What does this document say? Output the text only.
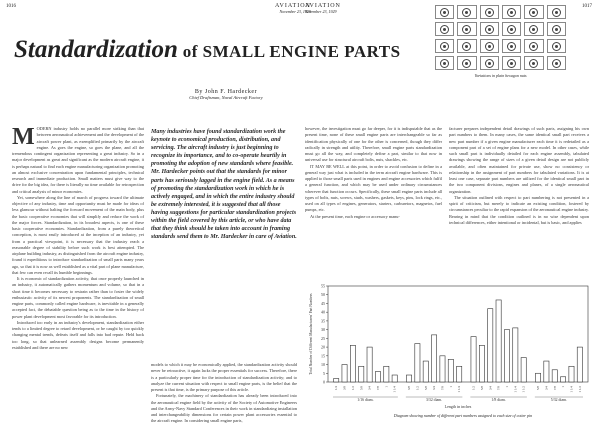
1016	AVIATION
November 23, 1929
AVIATION
November 23, 1929
1017
Standardization of SMALL ENGINE PARTS
By John F. Hardecker
Chief Draftsman, Naval Aircraft Factory
Many industries have found standardization work the keynote to economical production, distribution, and servicing. The aircraft industry is just beginning to recognize its importance, and to co-operate heartily in promoting the adoption of new standards where feasible. Mr. Hardecker points out that the standards for minor parts has seriously lagged in the engine field. As a means of promoting the standardization work in which he is actively engaged, and in which the entire industry should be extremely interested, it is suggested that all those having suggestions for particular standardization projects within the field covered by this article, or who have data that they think should be taken into account in framing standards send them to Mr. Hardecker in care of Aviation.
M ODERN industry holds no parallel more striking than that between aeronautical achievement and the development of the aircraft power plant, as exemplified primarily by the aircraft engine. As goes the engine, so goes the plane, and all the tremendous contingent organization representing a great industry. So in a major development as great and significant as the modern aircraft engine, it is perhaps natural to find each engine manufacturing organization promoting an almost exclusive concentration upon fundamental principles, technical research and immediate production. Small matters must give way to the drive for the big idea, for there is literally no time available for retrospection and critical analysis of minor economies.

Yet, somewhere along the line of march of progress toward the ultimate objective of any industry, time and opportunity must be made for ideas of less glamour without halting the forward movement of the main body, plus the basic cooperative economies that will simplify and reduce the work of the major forces. Standardization, in its broadest aspects, is one of these basic cooperative economies. Standardization, from a purely theoretical conception, is most easily introduced at the inception of an industry, yet from a practical viewpoint, it is necessary that the industry reach a reasonable degree of stability before such work is best attempted. The airplane building industry, as distinguished from the aircraft engine industry, found it expeditious to introduce standardization of small parts many years ago, so that it is now as well established as a vital part of plane manufacture, that few can even recall its humble beginnings.

It is economic of standardization activity, that once properly launched in an industry, it automatically gathers momentum and volume, so that in a short time it becomes necessary to restrain rather than to foster the widely enthusiastic activity of its newest proponents. The standardization of small engine parts, commonly called engine hardware, is inevitable in a generally accepted fact, the debatable question being as to the time in the history of power plant development most favorable for its introduction.

Introduced too early in an industry's development, standardization either tends to a limited degree to retard development, or be caught by too quickly changing mental trends, defeats itself and falls into bad repute. Held back too long, so that unlearned assembly designs become permanently established and there are no new

models to which it may be economically applied, the standardization activity should never be retroactive, it again lacks the proper essentials for success. Therefore, there is a particularly proper time for the introduction of standardization activity; and to analyze the current situation with respect to small engine parts, is the belief that the present is that time, is the primary purpose of this article.

Fortunately, the machinery of standardization has already been introduced into the aeronautical engine field by the activity of the Society of Automotive Engineers and the Army-Navy Standard Conferences in their work in standardizing installation and interchangeability dimensions for certain power plant accessories essential to the aircraft engine. In considering small engine parts,

however, the investigation must go far deeper, for it is indisputable that as the present time, none of these small engine parts are interchangeable so far as identification physically of one for the other is concerned, though they differ radically in strength and utility. Therefore, small engine parts standardization must go all the way, and completely define a part, similar to that now in universal use for structural aircraft bolts, nuts, shackles, etc.

IT MAY BE WELL at this point, in order to avoid confusion to define in a general way just what is included in the term aircraft engine hardware. This is applied to those small parts used in engines and engine accessories which fulfil a general function, and which may be used under ordinary circumstances wherever that function occurs. Specifically, these small engine parts include all types of bolts, nuts, screws, studs, washers, gaskets, keys, pins, lock rings, etc., used on all types of engines, generators, starters, carburetors, magnetos, fuel pumps, etc.

At the present time, each engine or accessory manu-

facturer prepares independent detail drawings of such parts, assigning his own part numbers to them. In many cases, the same identical small part receives a new part number if a given engine manufacturer each time it is redetailed as a component part of a set of engine plans for a new model. In other cases, while such small part is individually detailed for each engine assembly, tabulated drawings showing the range of sizes of a given detail design are not publicly available, and often maintained for private use, show no consistency or relationship in the assignment of part numbers for tabulated variations. It is at least one case, separate part numbers are utilized for the identical small part in the two component divisions, engines and planes, of a single aeronautical organization.

The situation outlined with respect to part numbering is not presented in a spirit of criticism, but merely to indicate an existing condition, fostered by circumstances peculiar to the rapid expansion of the aeronautical engine industry. Bearing in mind that the condition outlined is in no wise dependent upon technical differences, either intentional or incidental, but is basic, and applies

Variations in plain hexagon nuts
0
5
10
15
20
25
30
35
40
45
50
55
Total Number of Different Manufacturers' Part Numbers
1/4 3/8 1/2 5/8 3/4 7/8 1 1 1/4
1/16 diam.
3/8 1/2 5/8 3/4 7/8 1 1 1/4
3/32 diam.
1/2 5/8 3/4 7/8 1 1 1/4 1 1/2
1/8 diam.
5/8 3/4 7/8 1 1 1/4 1 1/2
5/32 diam.
Length in inches
Diagram showing number of different part numbers assigned to each size of cotter pin
